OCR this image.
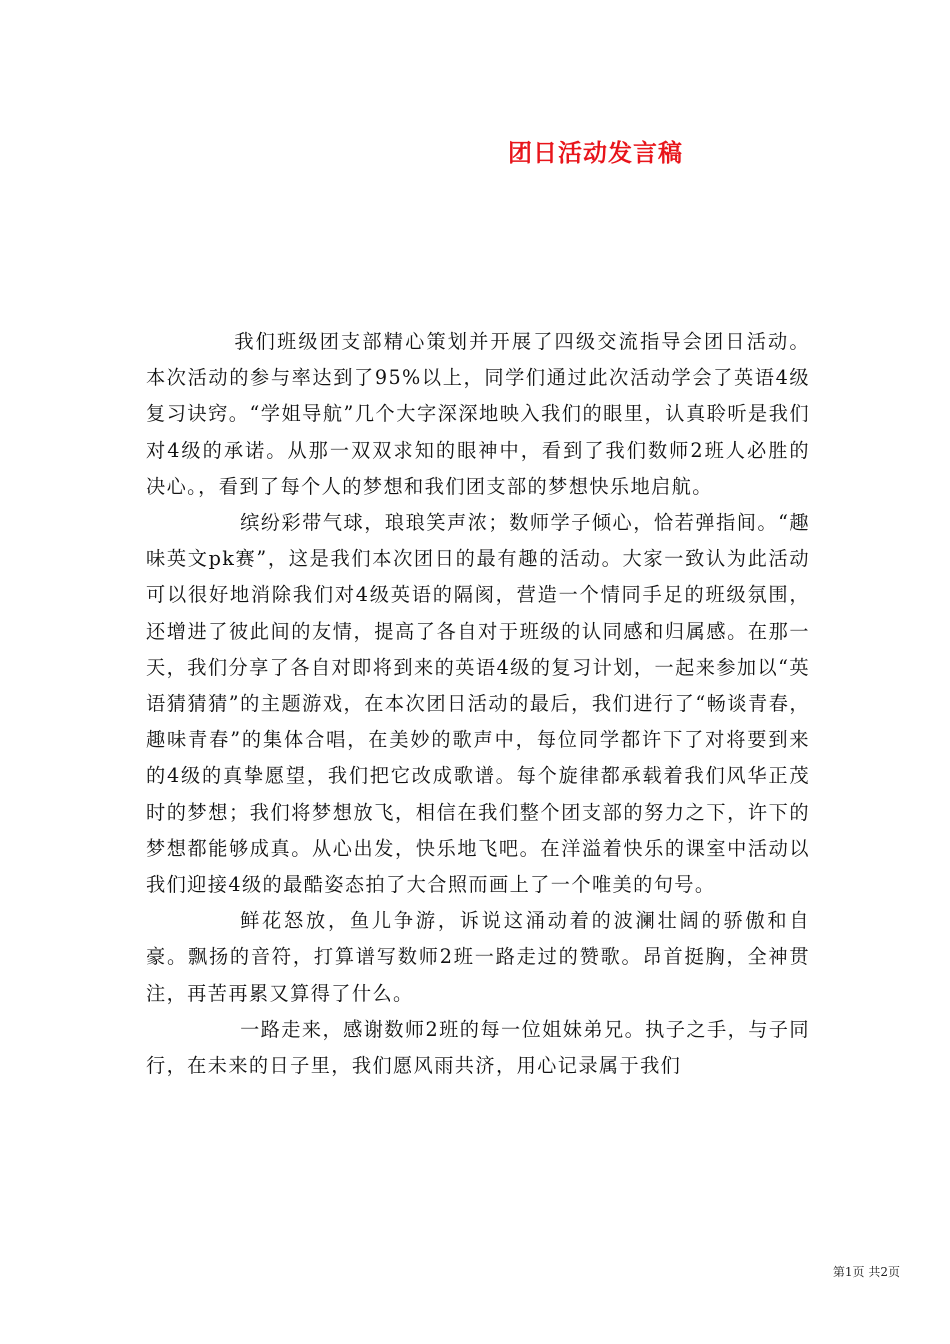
团日活动发言稿

我们班级团支部精心策划并开展了四级交流指导会团日活动。本次活动的参与率达到了95%以上，同学们通过此次活动学会了英语4级复习诀窍。“学姐导航”几个大字深深地映入我们的眼里，认真聆听是我们对4级的承诺。从那一双双求知的眼神中，看到了我们数师2班人必胜的决心。，看到了每个人的梦想和我们团支部的梦想快乐地启航。

缤纷彩带气球，琅琅笑声浓；数师学子倾心，恰若弹指间。“趣味英文pk赛”，这是我们本次团日的最有趣的活动。大家一致认为此活动可以很好地消除我们对4级英语的隔阂，营造一个情同手足的班级氛围，还增进了彼此间的友情，提高了各自对于班级的认同感和归属感。在那一天，我们分享了各自对即将到来的英语4级的复习计划，一起来参加以“英语猜猜猜”的主题游戏，在本次团日活动的最后，我们进行了“畅谈青春，趣味青春”的集体合唱，在美妙的歌声中，每位同学都许下了对将要到来的4级的真挚愿望，我们把它改成歌谱。每个旋律都承载着我们风华正茂时的梦想；我们将梦想放飞，相信在我们整个团支部的努力之下，许下的梦想都能够成真。从心出发，快乐地飞吧。在洋溢着快乐的课室中活动以我们迎接4级的最酷姿态拍了大合照而画上了一个唯美的句号。

鲜花怒放，鱼儿争游，诉说这涌动着的波澜壮阔的骄傲和自豪。飘扬的音符，打算谱写数师2班一路走过的赞歌。昂首挺胸，全神贯注，再苦再累又算得了什么。

一路走来，感谢数师2班的每一位姐妹弟兄。执子之手，与子同行，在未来的日子里，我们愿风雨共济，用心记录属于我们

第1页 共2页
